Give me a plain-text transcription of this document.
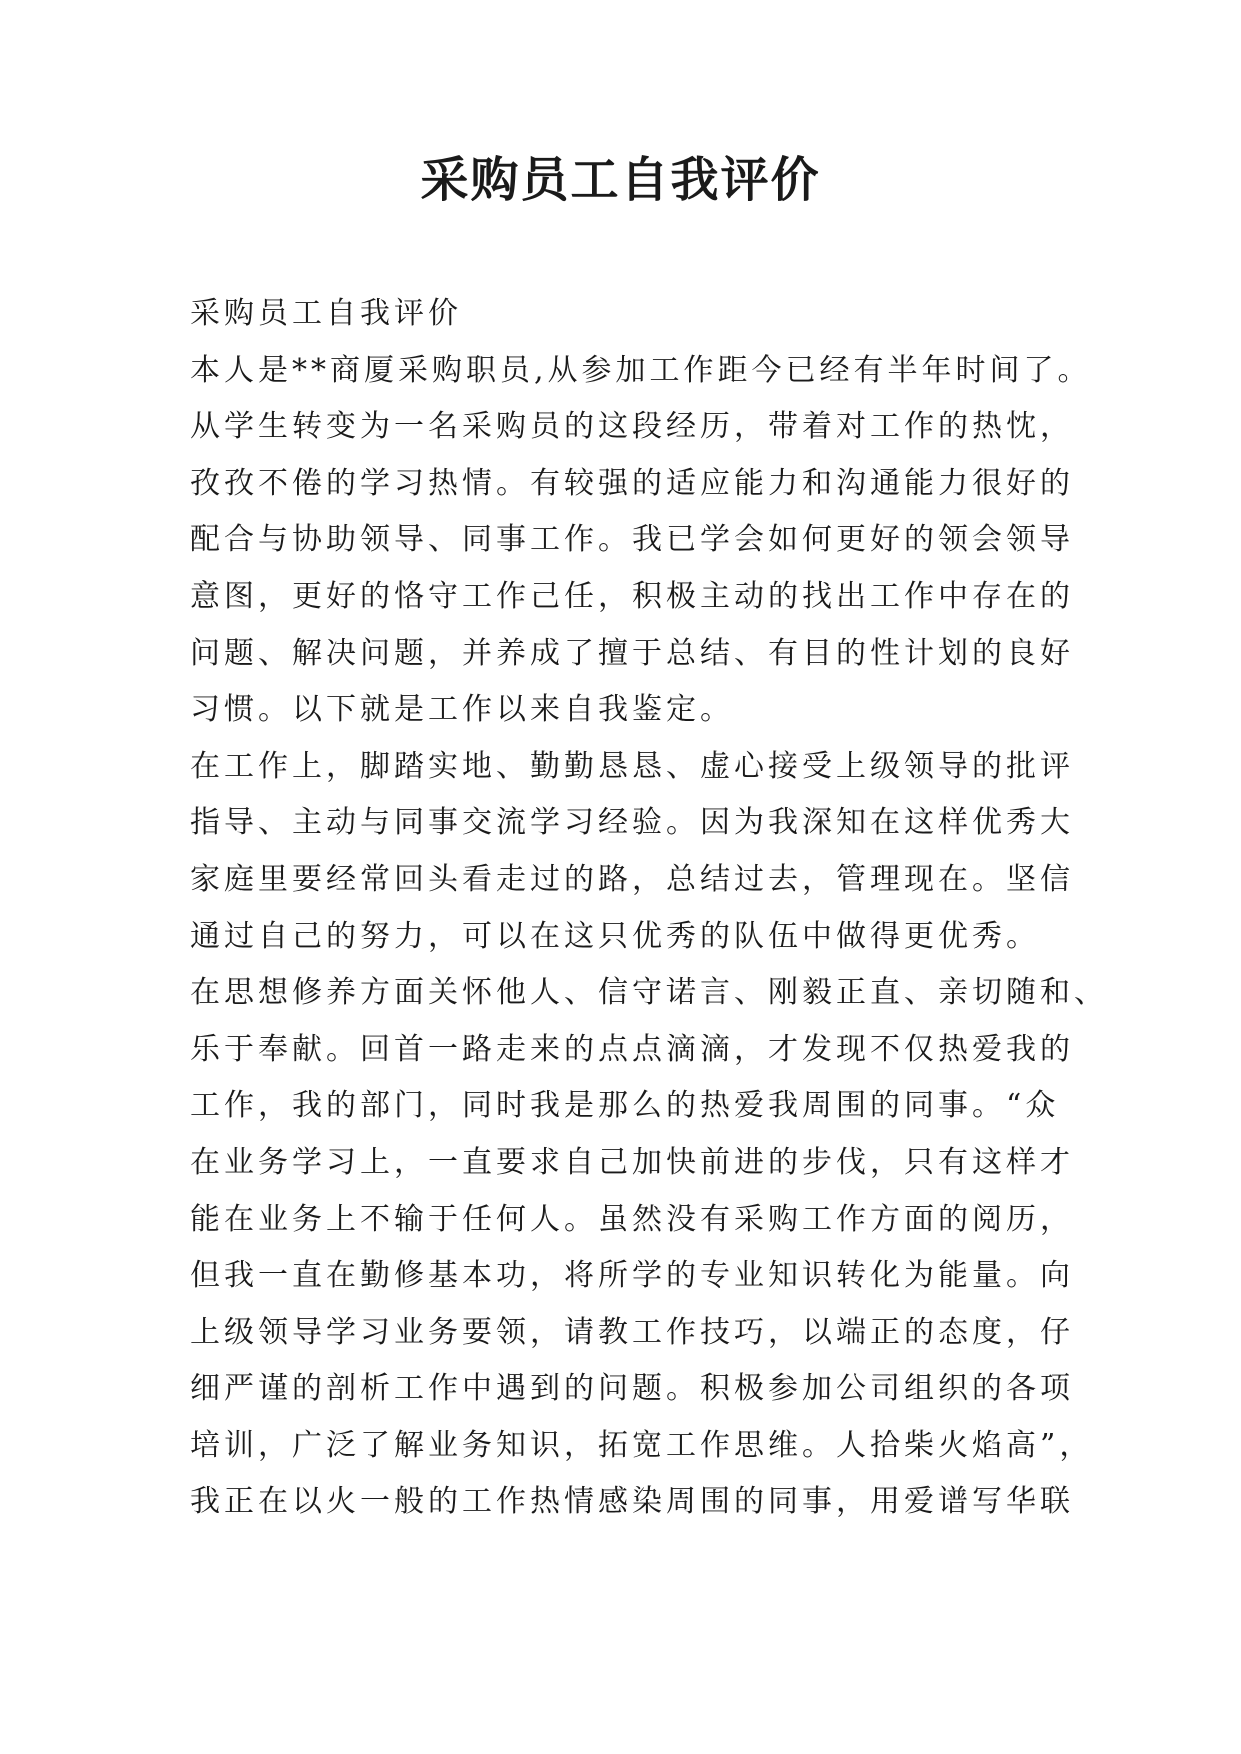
采购员工自我评价
采购员工自我评价
本人是**商厦采购职员,从参加工作距今已经有半年时间了。
从学生转变为一名采购员的这段经历，带着对工作的热忱，
孜孜不倦的学习热情。有较强的适应能力和沟通能力很好的
配合与协助领导、同事工作。我已学会如何更好的领会领导
意图，更好的恪守工作己任，积极主动的找出工作中存在的
问题、解决问题，并养成了擅于总结、有目的性计划的良好
习惯。以下就是工作以来自我鉴定。
在工作上，脚踏实地、勤勤恳恳、虚心接受上级领导的批评
指导、主动与同事交流学习经验。因为我深知在这样优秀大
家庭里要经常回头看走过的路，总结过去，管理现在。坚信
通过自己的努力，可以在这只优秀的队伍中做得更优秀。
在思想修养方面关怀他人、信守诺言、刚毅正直、亲切随和、
乐于奉献。回首一路走来的点点滴滴，才发现不仅热爱我的
工作，我的部门，同时我是那么的热爱我周围的同事。“众
在业务学习上，一直要求自己加快前进的步伐，只有这样才
能在业务上不输于任何人。虽然没有采购工作方面的阅历，
但我一直在勤修基本功，将所学的专业知识转化为能量。向
上级领导学习业务要领，请教工作技巧，以端正的态度，仔
细严谨的剖析工作中遇到的问题。积极参加公司组织的各项
培训，广泛了解业务知识，拓宽工作思维。人拾柴火焰高”，
我正在以火一般的工作热情感染周围的同事，用爱谱写华联
